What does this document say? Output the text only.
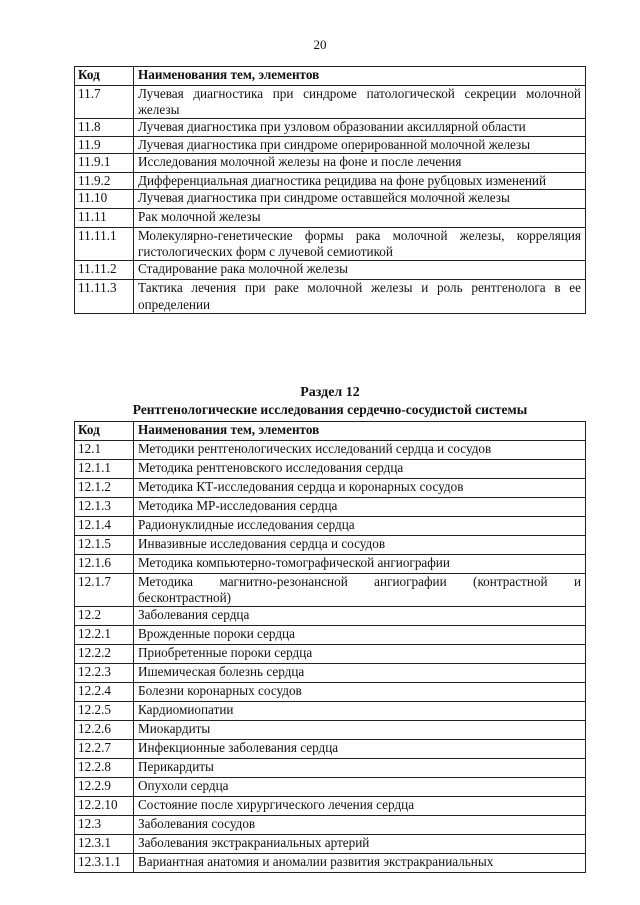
20
Код	Наименования тем, элементов
11.7	Лучевая диагностика при синдроме патологической секреции молочной железы
11.8	Лучевая диагностика при узловом образовании аксиллярной области
11.9	Лучевая диагностика при синдроме оперированной молочной железы
11.9.1	Исследования молочной железы на фоне и после лечения
11.9.2	Дифференциальная диагностика рецидива на фоне рубцовых изменений
11.10	Лучевая диагностика при синдроме оставшейся молочной железы
11.11	Рак молочной железы
11.11.1	Молекулярно-генетические формы рака молочной железы, корреляция гистологических форм с лучевой семиотикой
11.11.2	Стадирование рака молочной железы
11.11.3	Тактика лечения при раке молочной железы и роль рентгенолога в ее определении
Раздел 12
Рентгенологические исследования сердечно-сосудистой системы
Код	Наименования тем, элементов
12.1	Методики рентгенологических исследований сердца и сосудов
12.1.1	Методика рентгеновского исследования сердца
12.1.2	Методика КТ-исследования сердца и коронарных сосудов
12.1.3	Методика МР-исследования сердца
12.1.4	Радионуклидные исследования сердца
12.1.5	Инвазивные исследования сердца и сосудов
12.1.6	Методика компьютерно-томографической ангиографии
12.1.7	Методика магнитно-резонансной ангиографии (контрастной и бесконтрастной)
12.2	Заболевания сердца
12.2.1	Врожденные пороки сердца
12.2.2	Приобретенные пороки сердца
12.2.3	Ишемическая болезнь сердца
12.2.4	Болезни коронарных сосудов
12.2.5	Кардиомиопатии
12.2.6	Миокардиты
12.2.7	Инфекционные заболевания сердца
12.2.8	Перикардиты
12.2.9	Опухоли сердца
12.2.10	Состояние после хирургического лечения сердца
12.3	Заболевания сосудов
12.3.1	Заболевания экстракраниальных артерий
12.3.1.1	Вариантная анатомия и аномалии развития экстракраниальных
